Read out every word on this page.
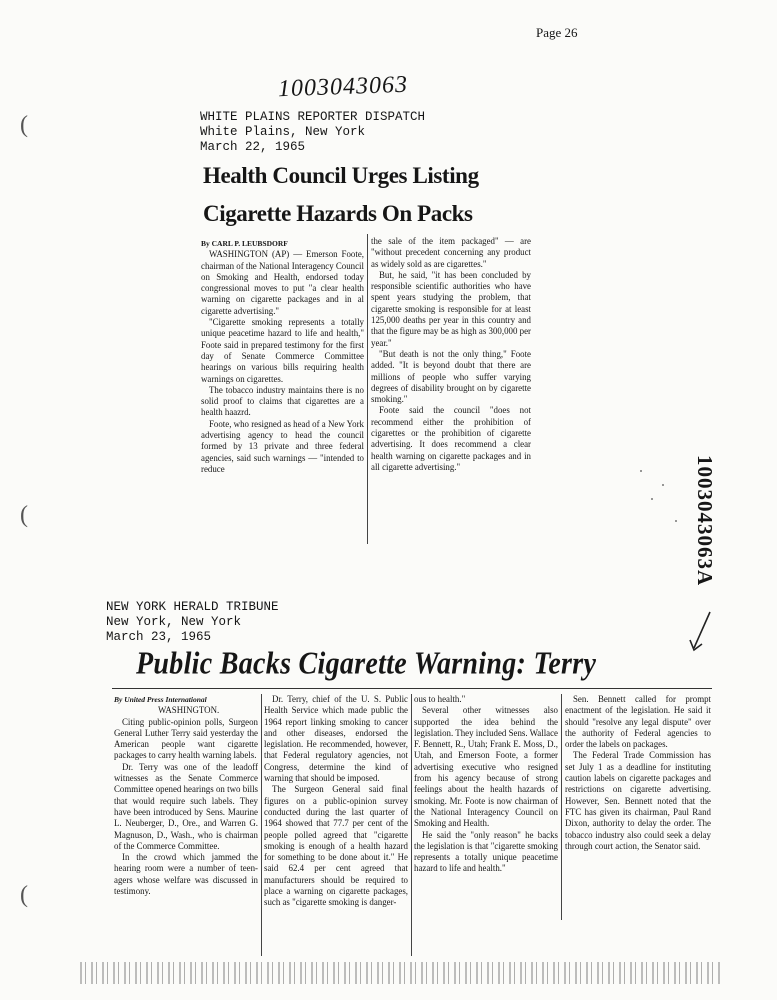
Page 26
1003043063
(
(
(
1003043063A
WHITE PLAINS REPORTER DISPATCH
White Plains, New York
March 22, 1965
Health Council Urges Listing
Cigarette Hazards On Packs

By CARL P. LEUBSDORF

WASHINGTON (AP) — Emerson Foote, chairman of the National Interagency Council on Smoking and Health, endorsed today congressional moves to put "a clear health warning on cigarette packages and in al cigarette advertising."

"Cigarette smoking represents a totally unique peacetime hazard to life and health," Foote said in prepared testimony for the first day of Senate Commerce Committee hearings on various bills requiring health warnings on cigarettes.

The tobacco industry maintains there is no solid proof to claims that cigarettes are a health haazrd.

Foote, who resigned as head of a New York advertising agency to head the council formed by 13 private and three federal agencies, said such warnings — "intended to reduce

the sale of the item packaged" — are "without precedent concerning any product as widely sold as are cigarettes."

But, he said, "it has been concluded by responsible scientific authorities who have spent years studying the problem, that cigarette smoking is responsible for at least 125,000 deaths per year in this country and that the figure may be as high as 300,000 per year."

"But death is not the only thing," Foote added. "It is beyond doubt that there are millions of people who suffer varying degrees of disability brought on by cigarette smoking."

Foote said the council "does not recommend either the prohibition of cigarettes or the prohibition of cigarette advertising. It does recommend a clear health warning on cigarette packages and in all cigarette advertising."

NEW YORK HERALD TRIBUNE
New York, New York
March 23, 1965
Public Backs Cigarette Warning: Terry

By United Press International

WASHINGTON.

Citing public-opinion polls, Surgeon General Luther Terry said yesterday the American people want cigarette packages to carry health warning labels.

Dr. Terry was one of the leadoff witnesses as the Senate Commerce Committee opened hearings on two bills that would require such labels. They have been introduced by Sens. Maurine L. Neuberger, D., Ore., and Warren G. Magnuson, D., Wash., who is chairman of the Commerce Committee.

In the crowd which jammed the hearing room were a number of teen-agers whose welfare was discussed in testimony.

Dr. Terry, chief of the U. S. Public Health Service which made public the 1964 report linking smoking to cancer and other diseases, endorsed the legislation. He recommended, however, that Federal regulatory agencies, not Congress, determine the kind of warning that should be imposed.

The Surgeon General said final figures on a public-opinion survey conducted during the last quarter of 1964 showed that 77.7 per cent of the people polled agreed that "cigarette smoking is enough of a health hazard for something to be done about it." He said 62.4 per cent agreed that manufacturers should be required to place a warning on cigarette packages, such as "cigarette smoking is danger-

ous to health."

Several other witnesses also supported the idea behind the legislation. They included Sens. Wallace F. Bennett, R., Utah; Frank E. Moss, D., Utah, and Emerson Foote, a former advertising executive who resigned from his agency because of strong feelings about the health hazards of smoking. Mr. Foote is now chairman of the National Interagency Council on Smoking and Health.

He said the "only reason" he backs the legislation is that "cigarette smoking represents a totally unique peacetime hazard to life and health."

Sen. Bennett called for prompt enactment of the legislation. He said it should "resolve any legal dispute" over the authority of Federal agencies to order the labels on packages.

The Federal Trade Commission has set July 1 as a deadline for instituting caution labels on cigarette packages and restrictions on cigarette advertising. However, Sen. Bennett noted that the FTC has given its chairman, Paul Rand Dixon, authority to delay the order. The tobacco industry also could seek a delay through court action, the Senator said.
